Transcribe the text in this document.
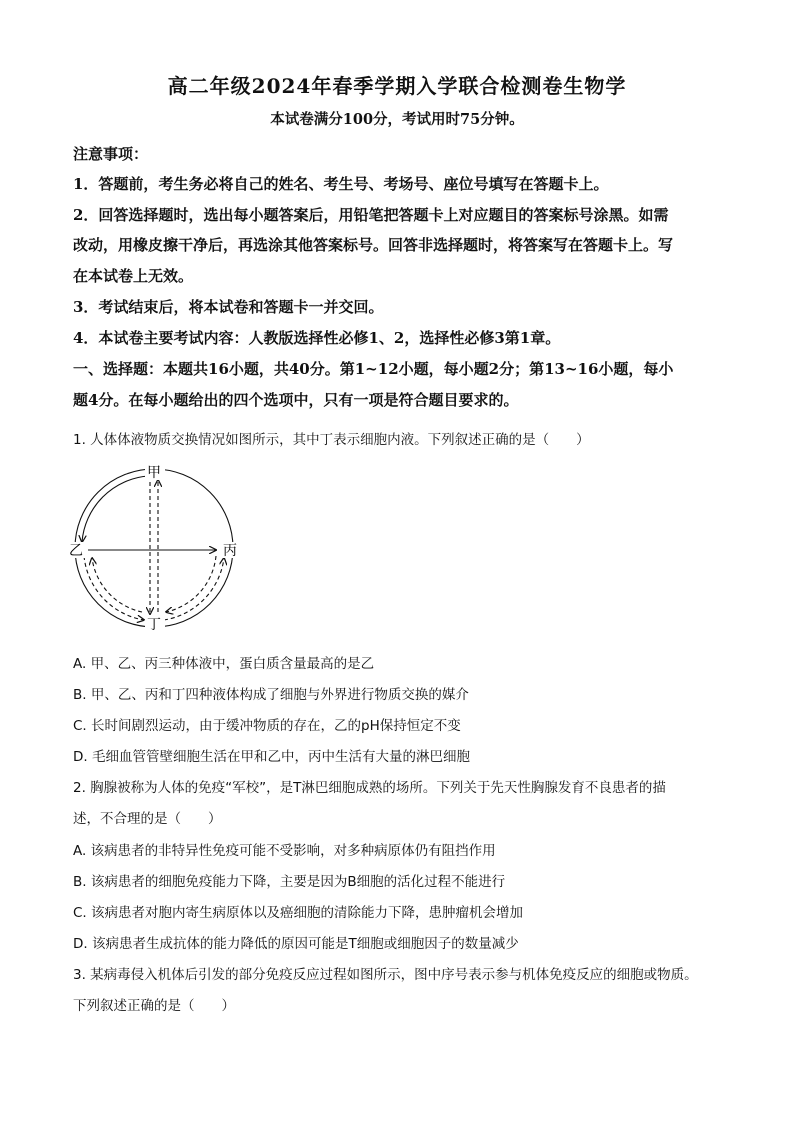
高二年级2024年春季学期入学联合检测卷生物学
本试卷满分100分，考试用时75分钟。
注意事项：
1．答题前，考生务必将自己的姓名、考生号、考场号、座位号填写在答题卡上。
2．回答选择题时，选出每小题答案后，用铅笔把答题卡上对应题目的答案标号涂黑。如需
改动，用橡皮擦干净后，再选涂其他答案标号。回答非选择题时，将答案写在答题卡上。写
在本试卷上无效。
3．考试结束后，将本试卷和答题卡一并交回。
4．本试卷主要考试内容：人教版选择性必修1、2，选择性必修3第1章。
一、选择题：本题共16小题，共40分。第1~12小题，每小题2分；第13~16小题，每小
题4分。在每小题给出的四个选项中，只有一项是符合题目要求的。
1. 人体体液物质交换情况如图所示，其中丁表示细胞内液。下列叙述正确的是（　　）
甲
乙	丙
丁
A. 甲、乙、丙三种体液中，蛋白质含量最高的是乙
B. 甲、乙、丙和丁四种液体构成了细胞与外界进行物质交换的媒介
C. 长时间剧烈运动，由于缓冲物质的存在，乙的pH保持恒定不变
D. 毛细血管管壁细胞生活在甲和乙中，丙中生活有大量的淋巴细胞
2. 胸腺被称为人体的免疫“军校”，是T淋巴细胞成熟的场所。下列关于先天性胸腺发育不良患者的描
述，不合理的是（　　）
A. 该病患者的非特异性免疫可能不受影响，对多种病原体仍有阻挡作用
B. 该病患者的细胞免疫能力下降，主要是因为B细胞的活化过程不能进行
C. 该病患者对胞内寄生病原体以及癌细胞的清除能力下降，患肿瘤机会增加
D. 该病患者生成抗体的能力降低的原因可能是T细胞或细胞因子的数量减少
3. 某病毒侵入机体后引发的部分免疫反应过程如图所示，图中序号表示参与机体免疫反应的细胞或物质。
下列叙述正确的是（　　）
